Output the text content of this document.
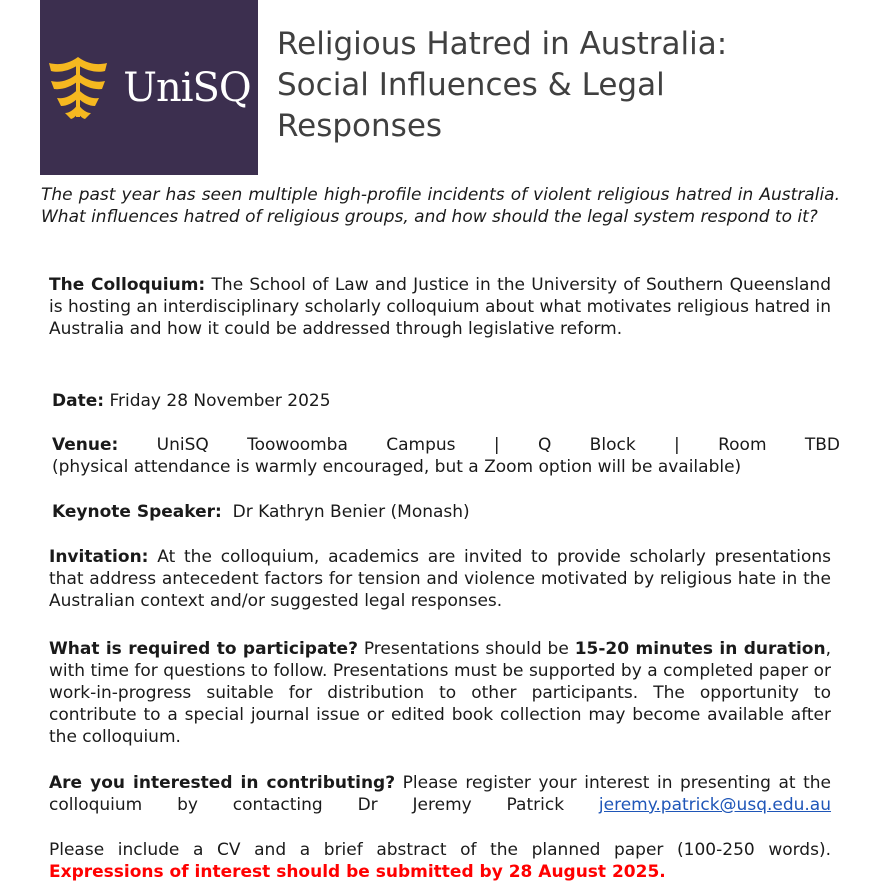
UniSQ
Religious Hatred in Australia:
Social Influences & Legal
Responses

The past year has seen multiple high-profile incidents of violent religious hatred in Australia. What influences hatred of religious groups, and how should the legal system respond to it?

The Colloquium: The School of Law and Justice in the University of Southern Queensland is hosting an interdisciplinary scholarly colloquium about what motivates religious hatred in Australia and how it could be addressed through legislative reform.

Date: Friday 28 November 2025

Venue: UniSQ Toowoomba Campus | Q Block | Room TBD
(physical attendance is warmly encouraged, but a Zoom option will be available)

Keynote Speaker: Dr Kathryn Benier (Monash)

Invitation: At the colloquium, academics are invited to provide scholarly presentations that address antecedent factors for tension and violence motivated by religious hate in the Australian context and/or suggested legal responses.

What is required to participate? Presentations should be 15-20 minutes in duration, with time for questions to follow. Presentations must be supported by a completed paper or work-in-progress suitable for distribution to other participants. The opportunity to contribute to a special journal issue or edited book collection may become available after the colloquium.

Are you interested in contributing? Please register your interest in presenting at the colloquium by contacting Dr Jeremy Patrick jeremy.patrick@usq.edu.au

Please include a CV and a brief abstract of the planned paper (100-250 words). Expressions of interest should be submitted by 28 August 2025.
